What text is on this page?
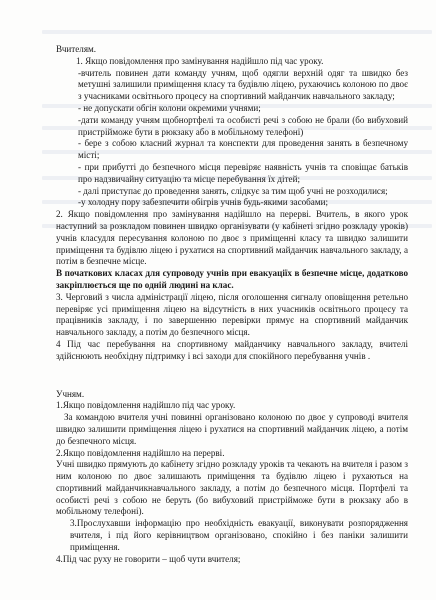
Вчителям.

1. Якщо повідомлення про замінування надійшло під час уроку.

-вчитель повинен дати команду учням, щоб одягли верхній одяг та швидко без метушні залишили приміщення класу та будівлю ліцею, рухаючись колоною по двоє з учасниками освітнього процесу на спортивний майданчик навчального закладу;

- не допускати обгін колони окремими учнями;

-дати команду учням щобнортфелі та особисті речі з собою не брали (бо вибуховий пристрійможе бути в рюкзаку або в мобільному телефоні)

- бере з собою класний журнал та конспекти для проведення занять в безпечному місті;

- при прибутті до безпечного місця перевіряє наявність учнів та сповіщає батьків про надзвичайну ситуацію та місце перебування їх дітей;

- далі приступає до проведення занять, слідкує за тим щоб учні не розходилися;

-у холодну пору забезпечити обігрів учнів будь-якими засобами;

2. Якщо повідомлення про замінування надійшло на перерві. Вчитель, в якого урок наступний за розкладом повинен швидко організувати (у кабінеті згідно розкладу уроків) учнів класудля пересування колоною по двоє з приміщенні класу та швидко залишити приміщення та будівлю ліцею і рухатися на спортивний майданчик навчального закладу, а потім в безпечне місце.

В початкових класах для супроводу учнів при евакуаціїх в безпечне місце, додатково закріплюється ще по одній людині на клас.

3. Черговий з числа адміністрації ліцею, після оголошення сигналу оповіщення ретельно перевіряє усі приміщення ліцею на відсутність в них учасників освітнього процесу та працівників закладу, і по завершенню перевірки прямує на спортивний майданчик навчального закладу, а потім до безпечного місця.

4 Під час перебування на спортивному майданчику навчального закладу, вчителі здійснюють необхідну підтримку і всі заходи для спокійного перебування учнів .

Учням.

1.Якщо повідомлення надійшло під час уроку.

За командою вчителя учні повинні організовано колоною по двоє у супроводі вчителя швидко залишити приміщення ліцею і рухатися на спортивний майданчик ліцею, а потім до безпечного місця.

2.Якщо повідомлення надійшло на перерві.

Учні швидко прямують до кабінету згідно розкладу уроків та чекають на вчителя і разом з ним колоною по двоє залишають приміщення та будівлю ліцею і рухаються на спортивний майданчикнавчального закладу, а потім до безпечного місця. Портфелі та особисті речі з собою не беруть (бо вибуховий пристрійможе бути в рюкзаку або в мобільному телефоні).

3.Прослухавши інформацію про необхідність евакуації, виконувати розпорядження вчителя, і під його керівництвом організовано, спокійно і без паніки залишити приміщення.

4.Під час руху не говорити – щоб чути вчителя;
